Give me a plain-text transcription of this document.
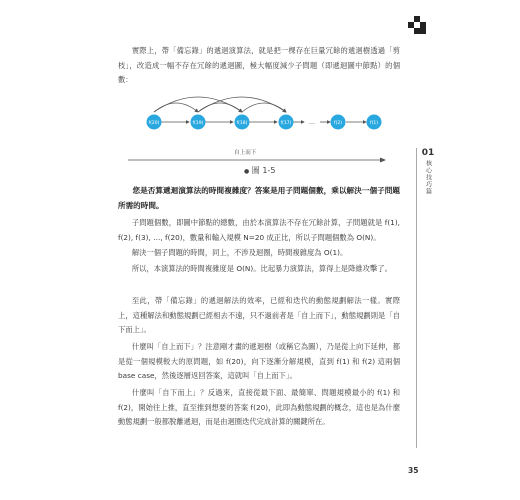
實際上，帶「備忘錄」的遞迴演算法，就是把一棵存在巨量冗餘的遞迴樹透過「剪枝」，改造成一幅不存在冗餘的遞迴圖，極大幅度減少子問題（即遞迴圖中節點）的個數：

f(20)	f(19)	f(18)	f(17)	…	f(2)	f(1)
自上而下
● 圖 1-5

您是否算遞迴演算法的時間複雜度？答案是用子問題個數，乘以解決一個子問題所需的時間。

子問題個數，即圖中節點的總數，由於本演算法不存在冗餘計算，子問題就是 f(1), f(2), f(3), …, f(20)，數量和輸入規模 N=20 成正比，所以子問題個數為 O(N)。

解決一個子問題的時間，同上，不涉及迴圈，時間複雜度為 O(1)。

所以，本演算法的時間複雜度是 O(N)。比起暴力演算法，算得上是降維攻擊了。

至此，帶「備忘錄」的遞迴解法的效率，已經和迭代的動態規劃解法一樣。實際上，這種解法和動態規劃已經相去不遠，只不過前者是「自上而下」，動態規劃則是「自下而上」。

什麼叫「自上而下」？注意剛才畫的遞迴樹（或稱它為圖），乃是從上向下延伸，都是從一個規模較大的原問題，如 f(20)，向下逐漸分解規模，直到 f(1) 和 f(2) 這兩個 base case，然後逐層返回答案，這就叫「自上而下」。

什麼叫「自下而上」？反過來，直接從最下面、最簡單、問題規模最小的 f(1) 和 f(2)，開始往上推，直至推到想要的答案 f(20)，此即為動態規劃的概念，這也是為什麼動態規劃一般都脫離遞迴，而是由迴圈迭代完成計算的關鍵所在。

01
核心技巧篇
35
